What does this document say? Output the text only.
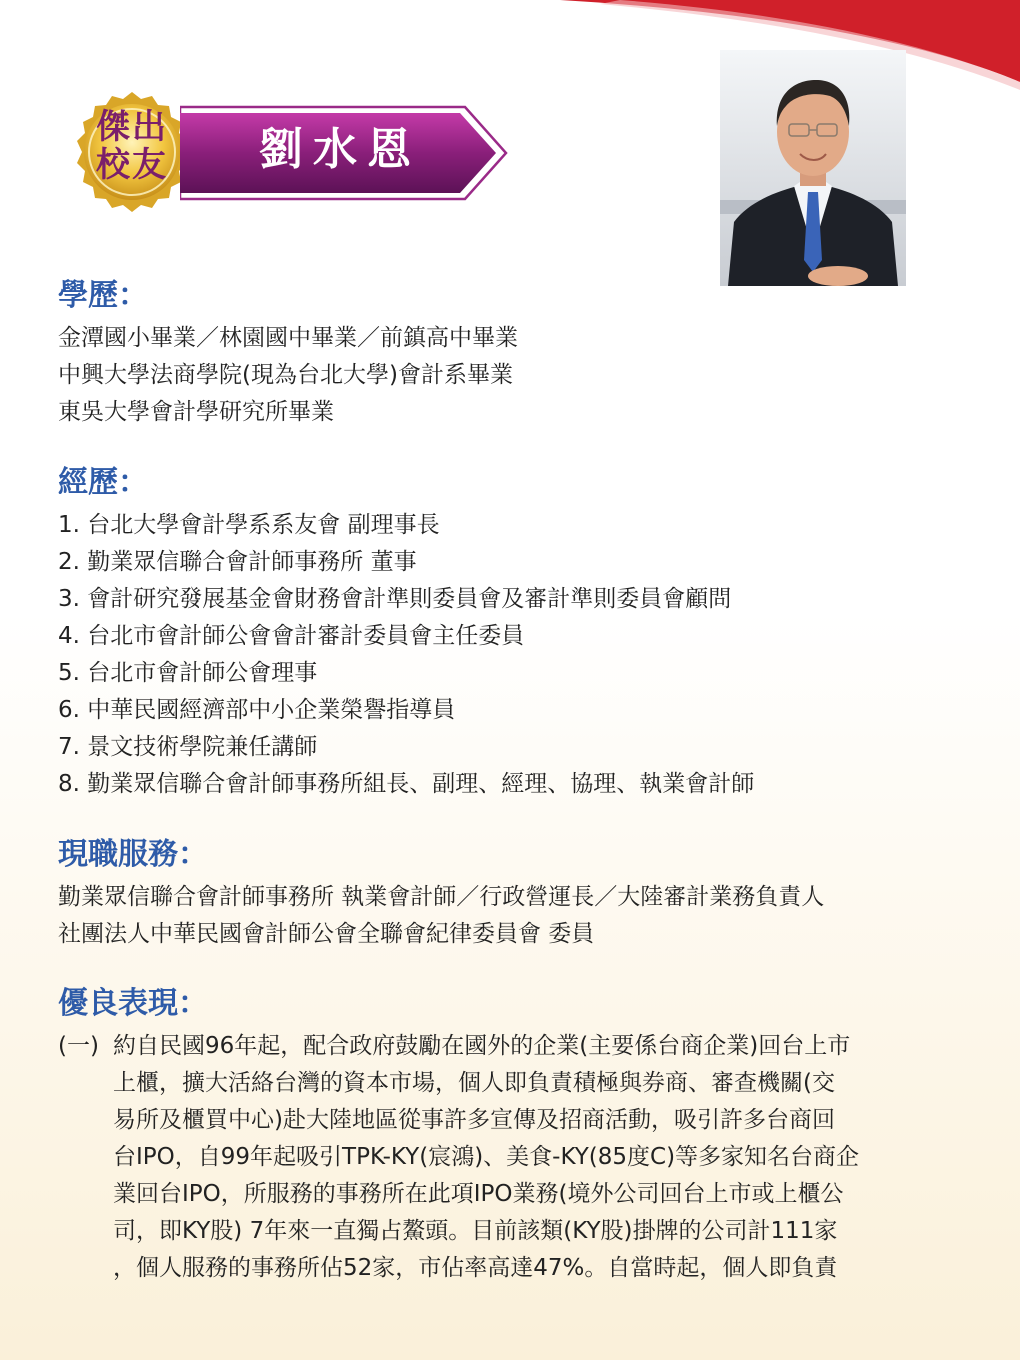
傑出
校友	劉水恩
學歷：
金潭國小畢業／林園國中畢業／前鎮高中畢業
中興大學法商學院(現為台北大學)會計系畢業
東吳大學會計學研究所畢業
經歷：
1. 台北大學會計學系系友會 副理事長
2. 勤業眾信聯合會計師事務所 董事
3. 會計研究發展基金會財務會計準則委員會及審計準則委員會顧問
4. 台北市會計師公會會計審計委員會主任委員
5. 台北市會計師公會理事
6. 中華民國經濟部中小企業榮譽指導員
7. 景文技術學院兼任講師
8. 勤業眾信聯合會計師事務所組長、副理、經理、協理、執業會計師
現職服務：
勤業眾信聯合會計師事務所 執業會計師／行政營運長／大陸審計業務負責人
社團法人中華民國會計師公會全聯會紀律委員會 委員
優良表現：
(一) 約自民國96年起，配合政府鼓勵在國外的企業(主要係台商企業)回台上市
上櫃，擴大活絡台灣的資本市場，個人即負責積極與券商、審查機關(交
易所及櫃買中心)赴大陸地區從事許多宣傳及招商活動，吸引許多台商回
台IPO，自99年起吸引TPK-KY(宸鴻)、美食-KY(85度C)等多家知名台商企
業回台IPO，所服務的事務所在此項IPO業務(境外公司回台上市或上櫃公
司，即KY股) 7年來一直獨占鰲頭。目前該類(KY股)掛牌的公司計111家
，個人服務的事務所佔52家，市佔率高達47%。自當時起，個人即負責
